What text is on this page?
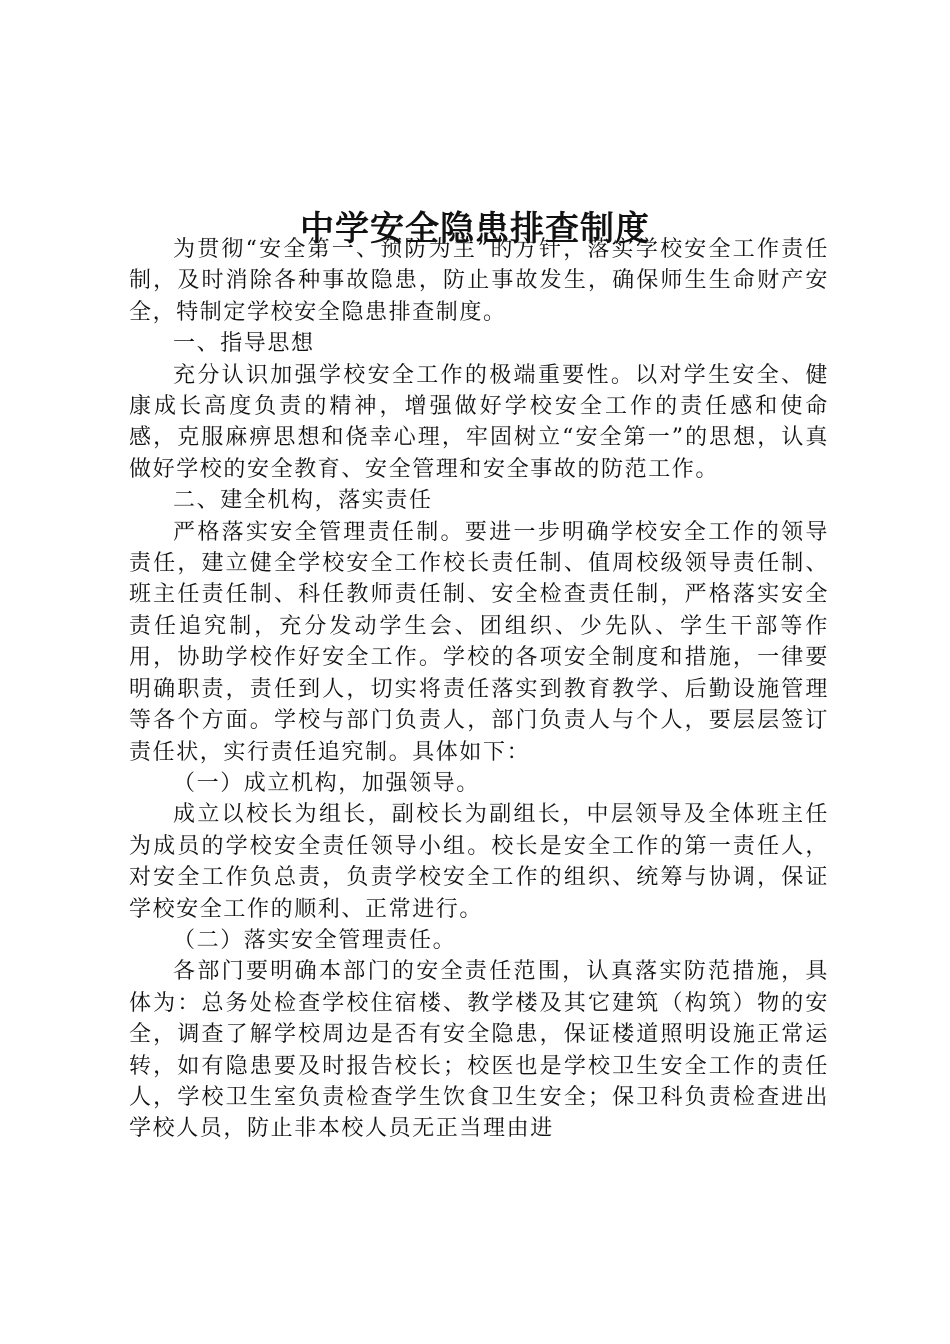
中学安全隐患排查制度

为贯彻“安全第一、预防为主”的方针，落实学校安全工作责任制，及时消除各种事故隐患，防止事故发生，确保师生生命财产安全，特制定学校安全隐患排查制度。

一、指导思想

充分认识加强学校安全工作的极端重要性。以对学生安全、健康成长高度负责的精神，增强做好学校安全工作的责任感和使命感，克服麻痹思想和侥幸心理，牢固树立“安全第一”的思想，认真做好学校的安全教育、安全管理和安全事故的防范工作。

二、建全机构，落实责任

严格落实安全管理责任制。要进一步明确学校安全工作的领导责任，建立健全学校安全工作校长责任制、值周校级领导责任制、班主任责任制、科任教师责任制、安全检查责任制，严格落实安全责任追究制，充分发动学生会、团组织、少先队、学生干部等作用，协助学校作好安全工作。学校的各项安全制度和措施，一律要明确职责，责任到人，切实将责任落实到教育教学、后勤设施管理等各个方面。学校与部门负责人，部门负责人与个人，要层层签订责任状，实行责任追究制。具体如下：

（一）成立机构，加强领导。

成立以校长为组长，副校长为副组长，中层领导及全体班主任为成员的学校安全责任领导小组。校长是安全工作的第一责任人，对安全工作负总责，负责学校安全工作的组织、统筹与协调，保证学校安全工作的顺利、正常进行。

（二）落实安全管理责任。

各部门要明确本部门的安全责任范围，认真落实防范措施，具体为：总务处检查学校住宿楼、教学楼及其它建筑（构筑）物的安全，调查了解学校周边是否有安全隐患，保证楼道照明设施正常运转，如有隐患要及时报告校长；校医也是学校卫生安全工作的责任人，学校卫生室负责检查学生饮食卫生安全；保卫科负责检查进出学校人员，防止非本校人员无正当理由进
